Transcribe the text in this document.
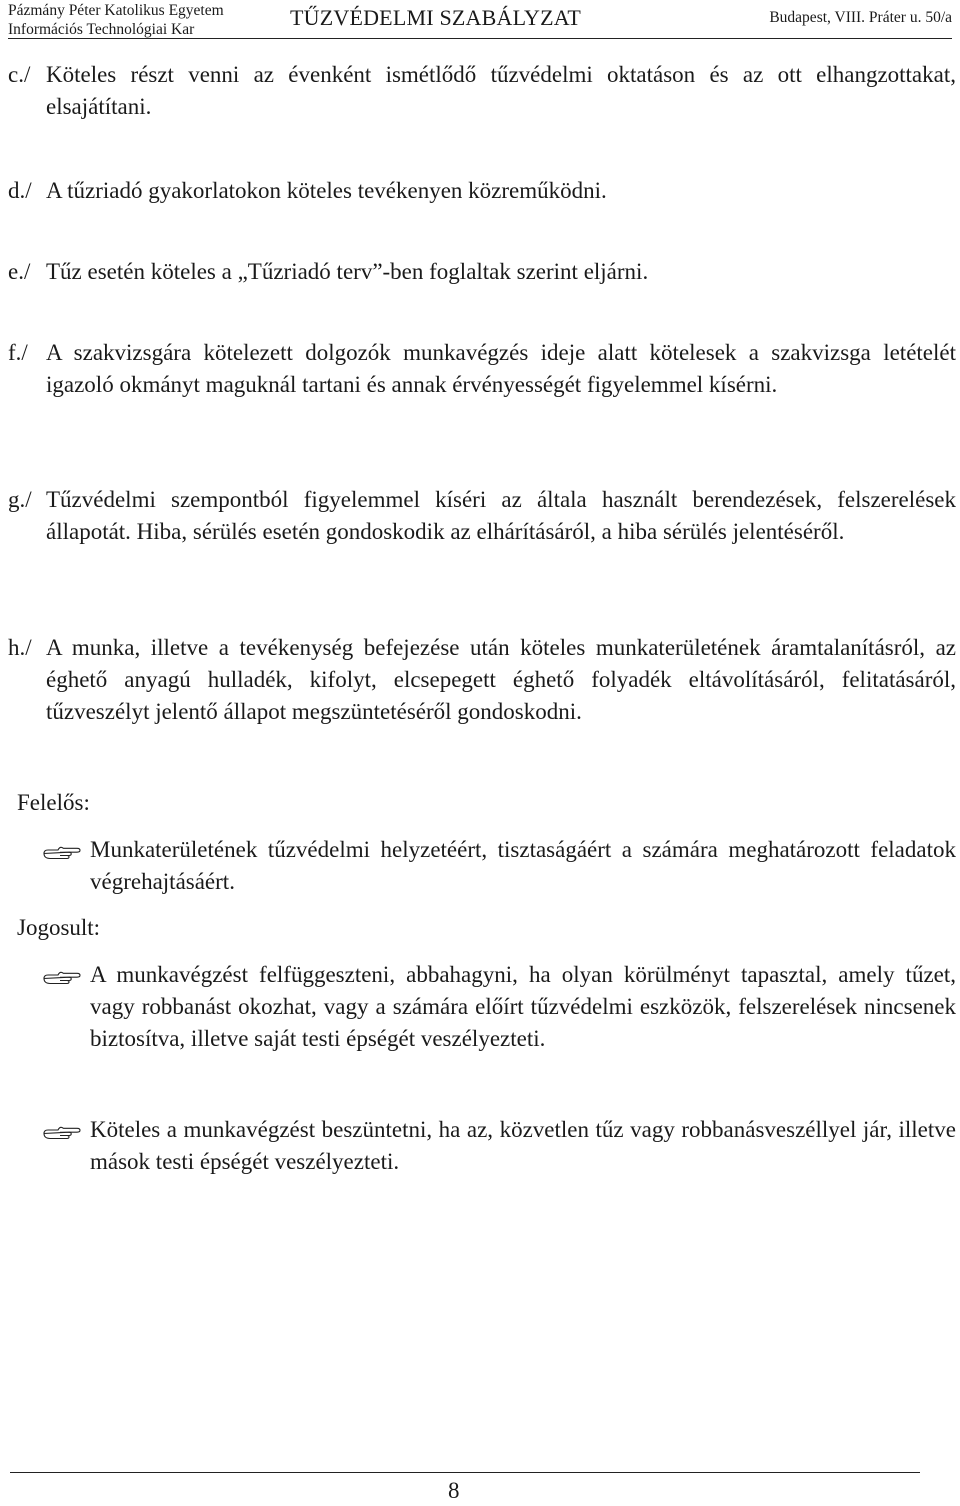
Pázmány Péter Katolikus Egyetem
Információs Technológiai Kar	TŰZVÉDELMI SZABÁLYZAT	Budapest, VIII. Práter u. 50/a

c./ Köteles részt venni az évenként ismétlődő tűzvédelmi oktatáson és az ott elhangzottakat, elsajátítani.

d./ A tűzriadó gyakorlatokon köteles tevékenyen közreműködni.

e./ Tűz esetén köteles a „Tűzriadó terv”-ben foglaltak szerint eljárni.

f./ A szakvizsgára kötelezett dolgozók munkavégzés ideje alatt kötelesek a szakvizsga letételét igazoló okmányt maguknál tartani és annak érvényességét figyelemmel kísérni.

g./ Tűzvédelmi szempontból figyelemmel kíséri az általa használt berendezések, felszerelések állapotát. Hiba, sérülés esetén gondoskodik az elhárításáról, a hiba sérülés jelentéséről.

h./ A munka, illetve a tevékenység befejezése után köteles munkaterületének áramtalanításról, az éghető anyagú hulladék, kifolyt, elcsepegett éghető folyadék eltávolításáról, felitatásáról, tűzveszélyt jelentő állapot megszüntetéséről gondoskodni.

Felelős:

Munkaterületének tűzvédelmi helyzetéért, tisztaságáért a számára meghatározott feladatok végrehajtásáért.

Jogosult:

A munkavégzést felfüggeszteni, abbahagyni, ha olyan körülményt tapasztal, amely tűzet, vagy robbanást okozhat, vagy a számára előírt tűzvédelmi eszközök, felszerelések nincsenek biztosítva, illetve saját testi épségét veszélyezteti.

Köteles a munkavégzést beszüntetni, ha az, közvetlen tűz vagy robbanásveszéllyel jár, illetve mások testi épségét veszélyezteti.

8
